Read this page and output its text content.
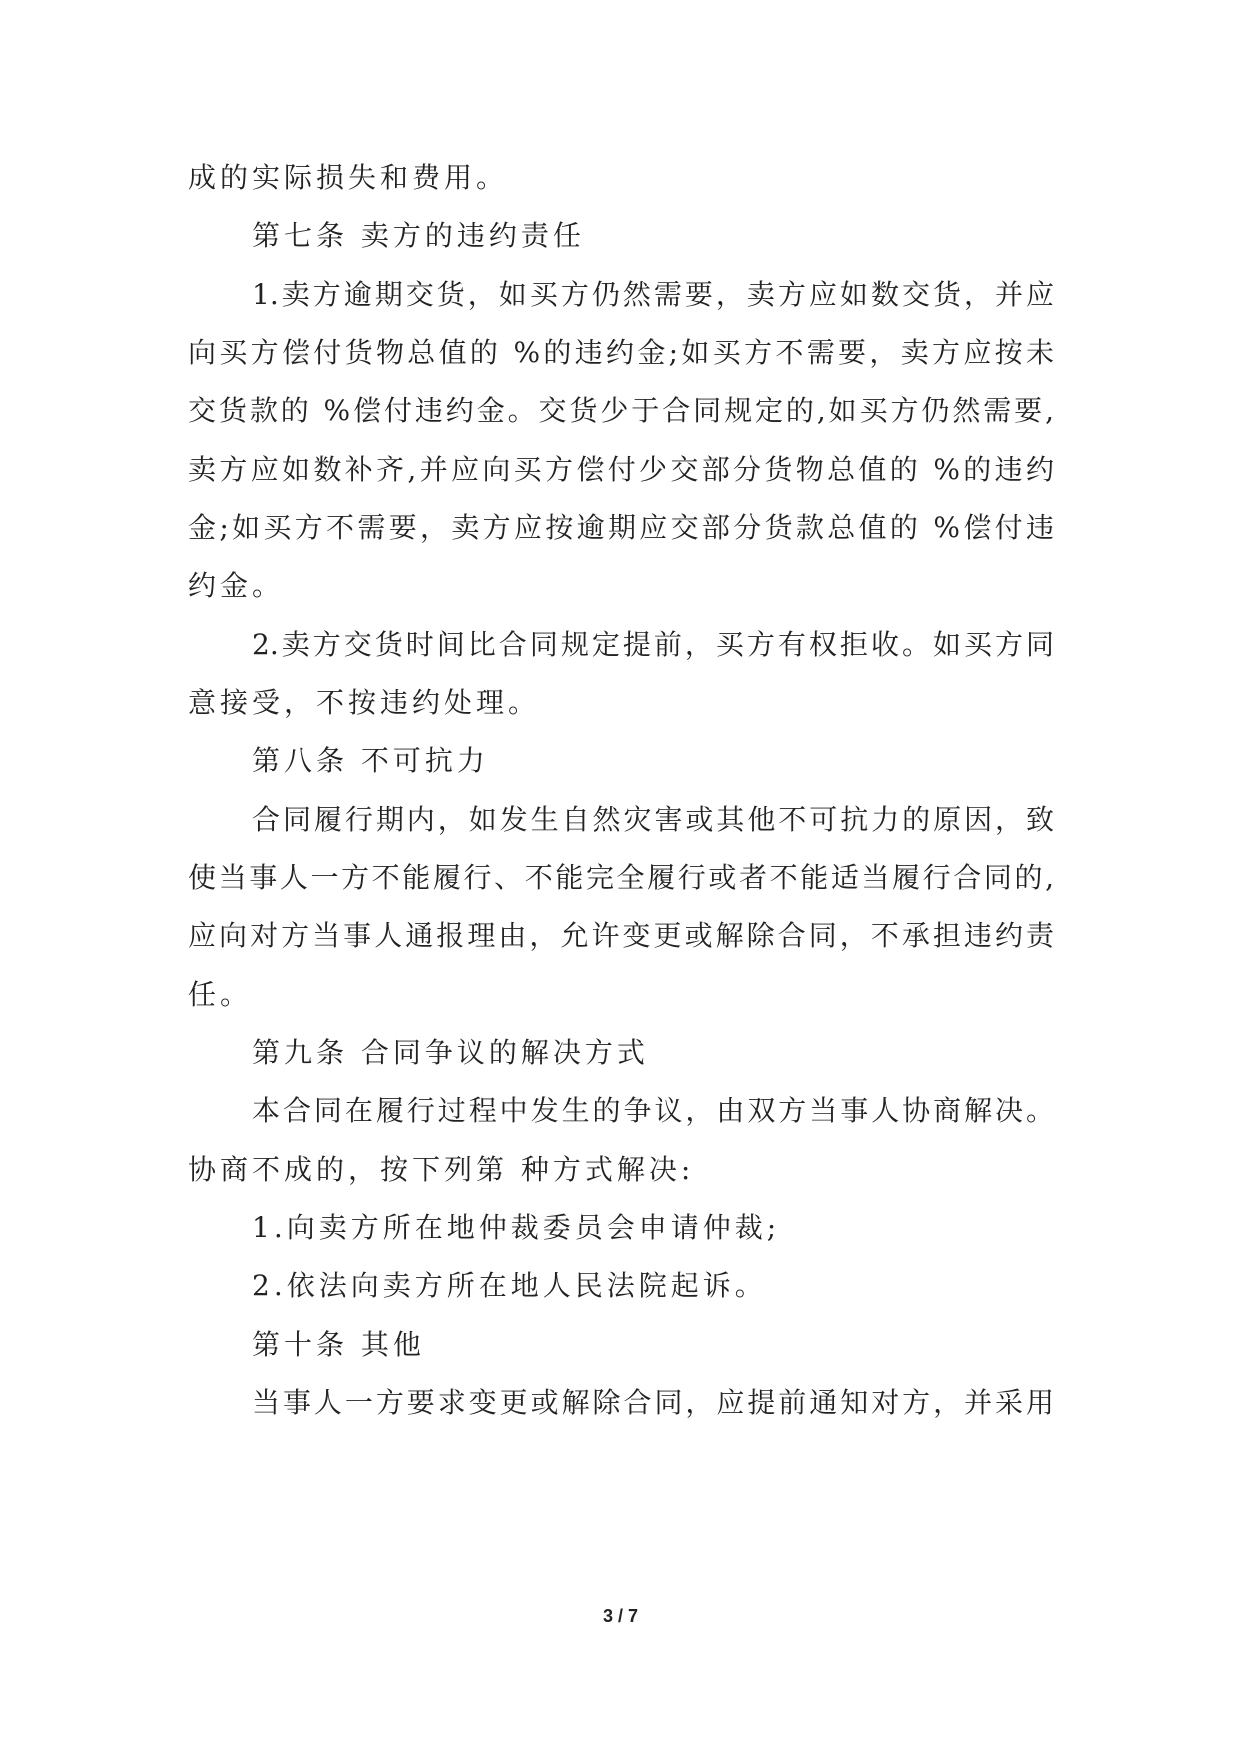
成的实际损失和费用。
第七条 卖方的违约责任
1.卖方逾期交货，如买方仍然需要，卖方应如数交货，并应
向买方偿付货物总值的 %的违约金;如买方不需要，卖方应按未
交货款的 %偿付违约金。交货少于合同规定的,如买方仍然需要,
卖方应如数补齐,并应向买方偿付少交部分货物总值的 %的违约
金;如买方不需要，卖方应按逾期应交部分货款总值的 %偿付违
约金。
2.卖方交货时间比合同规定提前，买方有权拒收。如买方同
意接受，不按违约处理。
第八条 不可抗力
合同履行期内，如发生自然灾害或其他不可抗力的原因，致
使当事人一方不能履行、不能完全履行或者不能适当履行合同的,
应向对方当事人通报理由，允许变更或解除合同，不承担违约责
任。
第九条 合同争议的解决方式
本合同在履行过程中发生的争议，由双方当事人协商解决。
协商不成的，按下列第 种方式解决:
1.向卖方所在地仲裁委员会申请仲裁;
2.依法向卖方所在地人民法院起诉。
第十条 其他
当事人一方要求变更或解除合同，应提前通知对方，并采用
3 / 7
